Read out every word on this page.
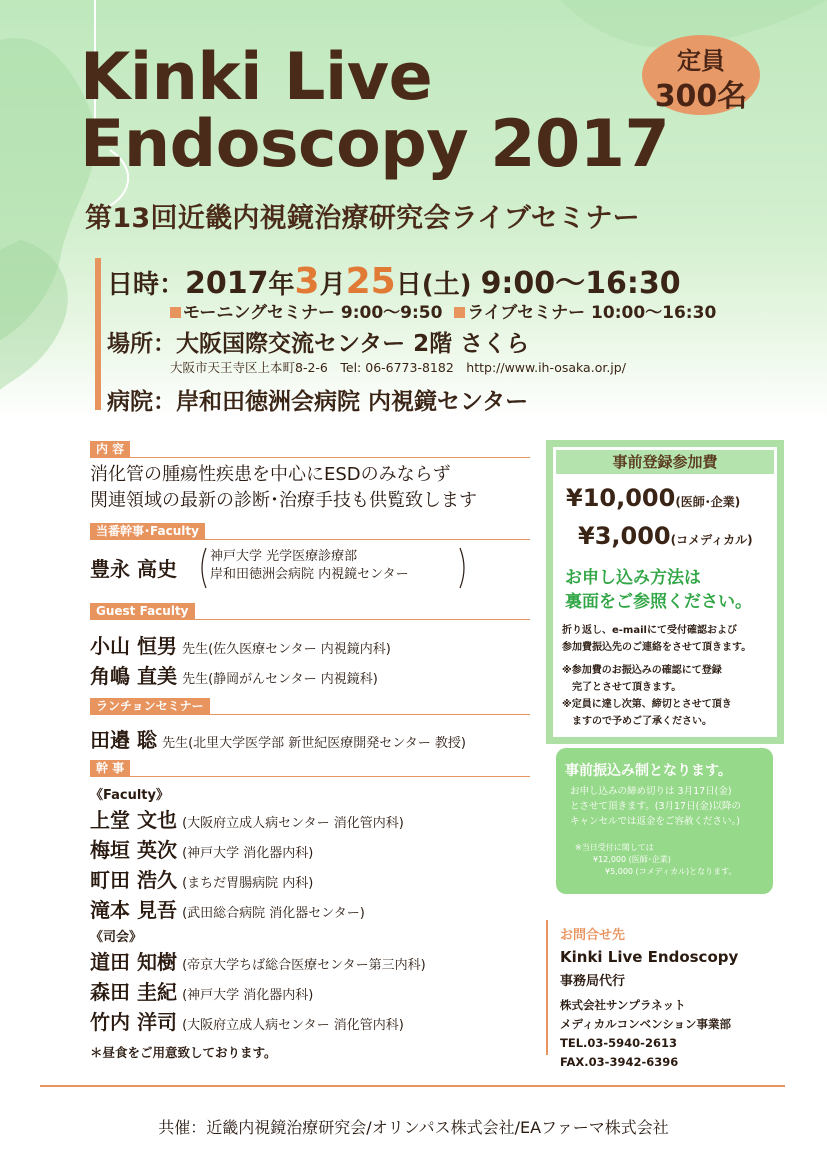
Kinki Live
Endoscopy 2017
定員
300名
第13回近畿内視鏡治療研究会ライブセミナー
日時：2017年3月25日(土) 9:00～16:30
モーニングセミナー 9:00～9:50 ライブセミナー 10:00～16:30
場所：大阪国際交流センター 2階 さくら
大阪市天王寺区上本町8-2-6　Tel: 06-6773-8182　http://www.ih-osaka.or.jp/
病院：岸和田徳洲会病院 内視鏡センター
内 容
消化管の腫瘍性疾患を中心にESDのみならず
関連領域の最新の診断･治療手技も供覧致します
当番幹事･Faculty
豊永 高史
神戸大学 光学医療診療部
岸和田徳洲会病院 内視鏡センター
Guest Faculty
小山 恒男 先生(佐久医療センター 内視鏡内科)
角嶋 直美 先生(静岡がんセンター 内視鏡科)
ランチョンセミナー
田邉 聡 先生(北里大学医学部 新世紀医療開発センター 教授)
幹 事
《Faculty》
上堂 文也 (大阪府立成人病センター 消化管内科)
梅垣 英次 (神戸大学 消化器内科)
町田 浩久 (まちだ胃腸病院 内科)
滝本 見吾 (武田総合病院 消化器センター)
《司会》
道田 知樹 (帝京大学ちば総合医療センター第三内科)
森田 圭紀 (神戸大学 消化器内科)
竹内 洋司 (大阪府立成人病センター 消化管内科)
＊昼食をご用意致しております。
事前登録参加費
¥10,000(医師･企業)
¥3,000(コメディカル)
お申し込み方法は
裏面をご参照ください。
折り返し、e-mailにて受付確認および
参加費振込先のご連絡をさせて頂きます。
※参加費のお振込みの確認にて登録
完了とさせて頂きます。
※定員に達し次第、締切とさせて頂き
ますので予めご了承ください。
事前振込み制となります。
お申し込みの締め切りは 3月17日(金)
とさせて頂きます。(3月17日(金)以降の
キャンセルでは返金をご容赦ください。)
※当日受付に関しては
¥12,000 (医師･企業)
¥5,000 (コメディカル)となります。
お問合せ先
Kinki Live Endoscopy
事務局代行
株式会社サンプラネット
メディカルコンベンション事業部
TEL.03-5940-2613
FAX.03-3942-6396
共催：近畿内視鏡治療研究会/オリンパス株式会社/EAファーマ株式会社
